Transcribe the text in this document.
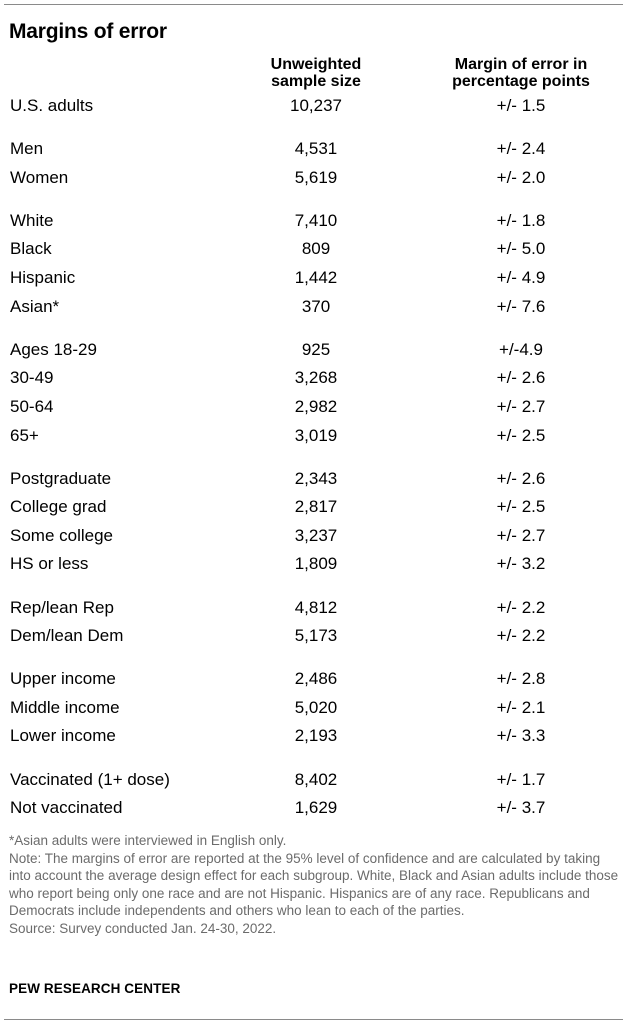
Margins of error
Unweighted
sample size
Margin of error in
percentage points
U.S. adults	10,237	+/- 1.5
Men	4,531	+/- 2.4
Women	5,619	+/- 2.0
White	7,410	+/- 1.8
Black	809	+/- 5.0
Hispanic	1,442	+/- 4.9
Asian*	370	+/- 7.6
Ages 18-29	925	+/-4.9
30-49	3,268	+/- 2.6
50-64	2,982	+/- 2.7
65+	3,019	+/- 2.5
Postgraduate	2,343	+/- 2.6
College grad	2,817	+/- 2.5
Some college	3,237	+/- 2.7
HS or less	1,809	+/- 3.2
Rep/lean Rep	4,812	+/- 2.2
Dem/lean Dem	5,173	+/- 2.2
Upper income	2,486	+/- 2.8
Middle income	5,020	+/- 2.1
Lower income	2,193	+/- 3.3
Vaccinated (1+ dose)	8,402	+/- 1.7
Not vaccinated	1,629	+/- 3.7
*Asian adults were interviewed in English only.
Note: The margins of error are reported at the 95% level of confidence and are calculated by taking into account the average design effect for each subgroup. White, Black and Asian adults include those who report being only one race and are not Hispanic. Hispanics are of any race. Republicans and Democrats include independents and others who lean to each of the parties.
Source: Survey conducted Jan. 24-30, 2022.
PEW RESEARCH CENTER
